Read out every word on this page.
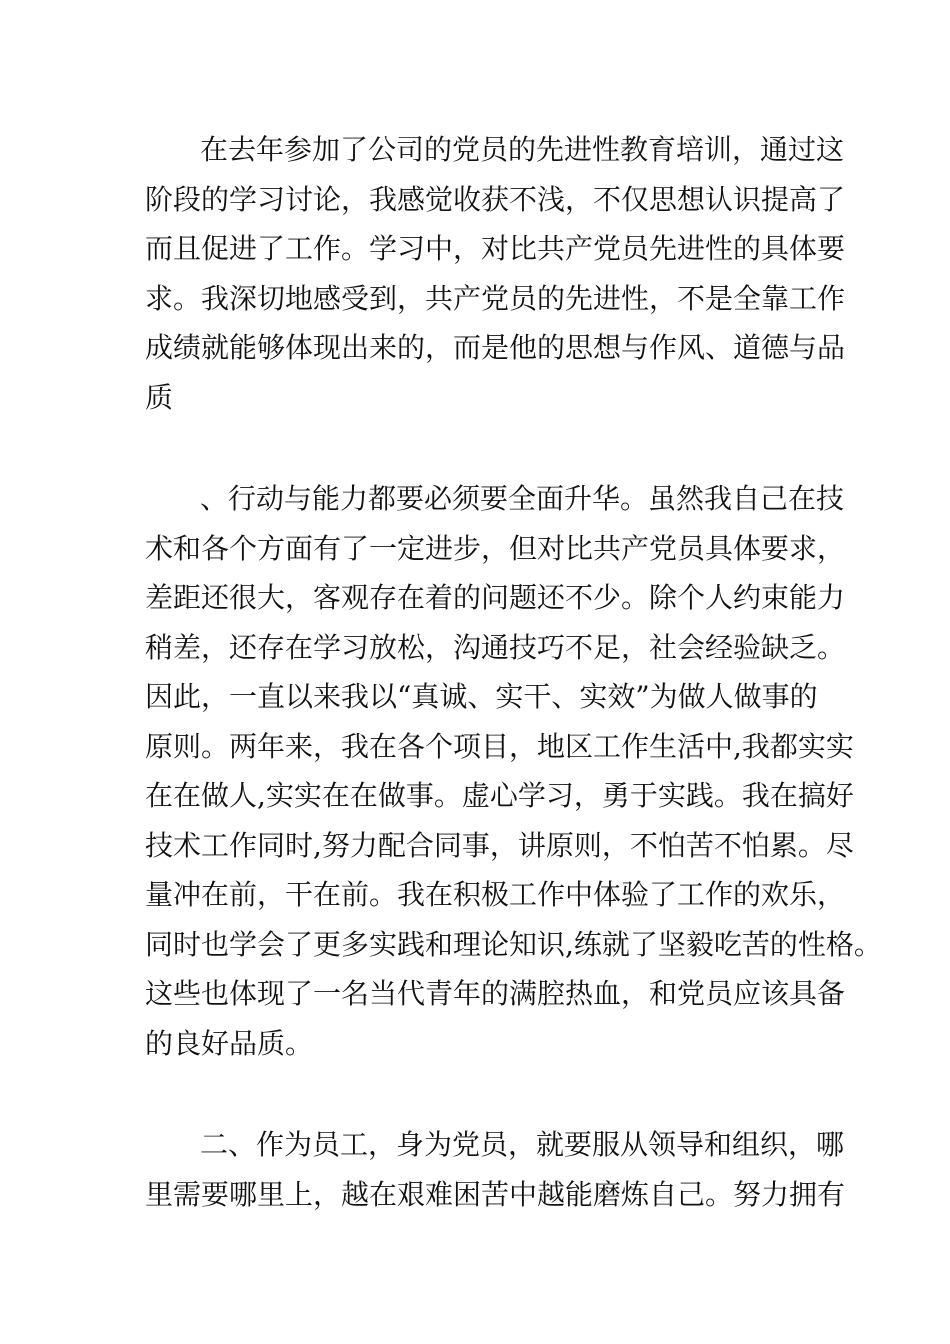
在去年参加了公司的党员的先进性教育培训，通过这

阶段的学习讨论，我感觉收获不浅，不仅思想认识提高了

而且促进了工作。学习中，对比共产党员先进性的具体要

求。我深切地感受到，共产党员的先进性，不是全靠工作

成绩就能够体现出来的，而是他的思想与作风、道德与品

质

、行动与能力都要必须要全面升华。虽然我自己在技

术和各个方面有了一定进步，但对比共产党员具体要求，

差距还很大，客观存在着的问题还不少。除个人约束能力

稍差，还存在学习放松，沟通技巧不足，社会经验缺乏。

因此，一直以来我以“真诚、实干、实效”为做人做事的

原则。两年来，我在各个项目，地区工作生活中,我都实实

在在做人,实实在在做事。虚心学习，勇于实践。我在搞好

技术工作同时,努力配合同事，讲原则，不怕苦不怕累。尽

量冲在前，干在前。我在积极工作中体验了工作的欢乐，

同时也学会了更多实践和理论知识,练就了坚毅吃苦的性格。

这些也体现了一名当代青年的满腔热血，和党员应该具备

的良好品质。

二、作为员工，身为党员，就要服从领导和组织，哪

里需要哪里上，越在艰难困苦中越能磨炼自己。努力拥有
